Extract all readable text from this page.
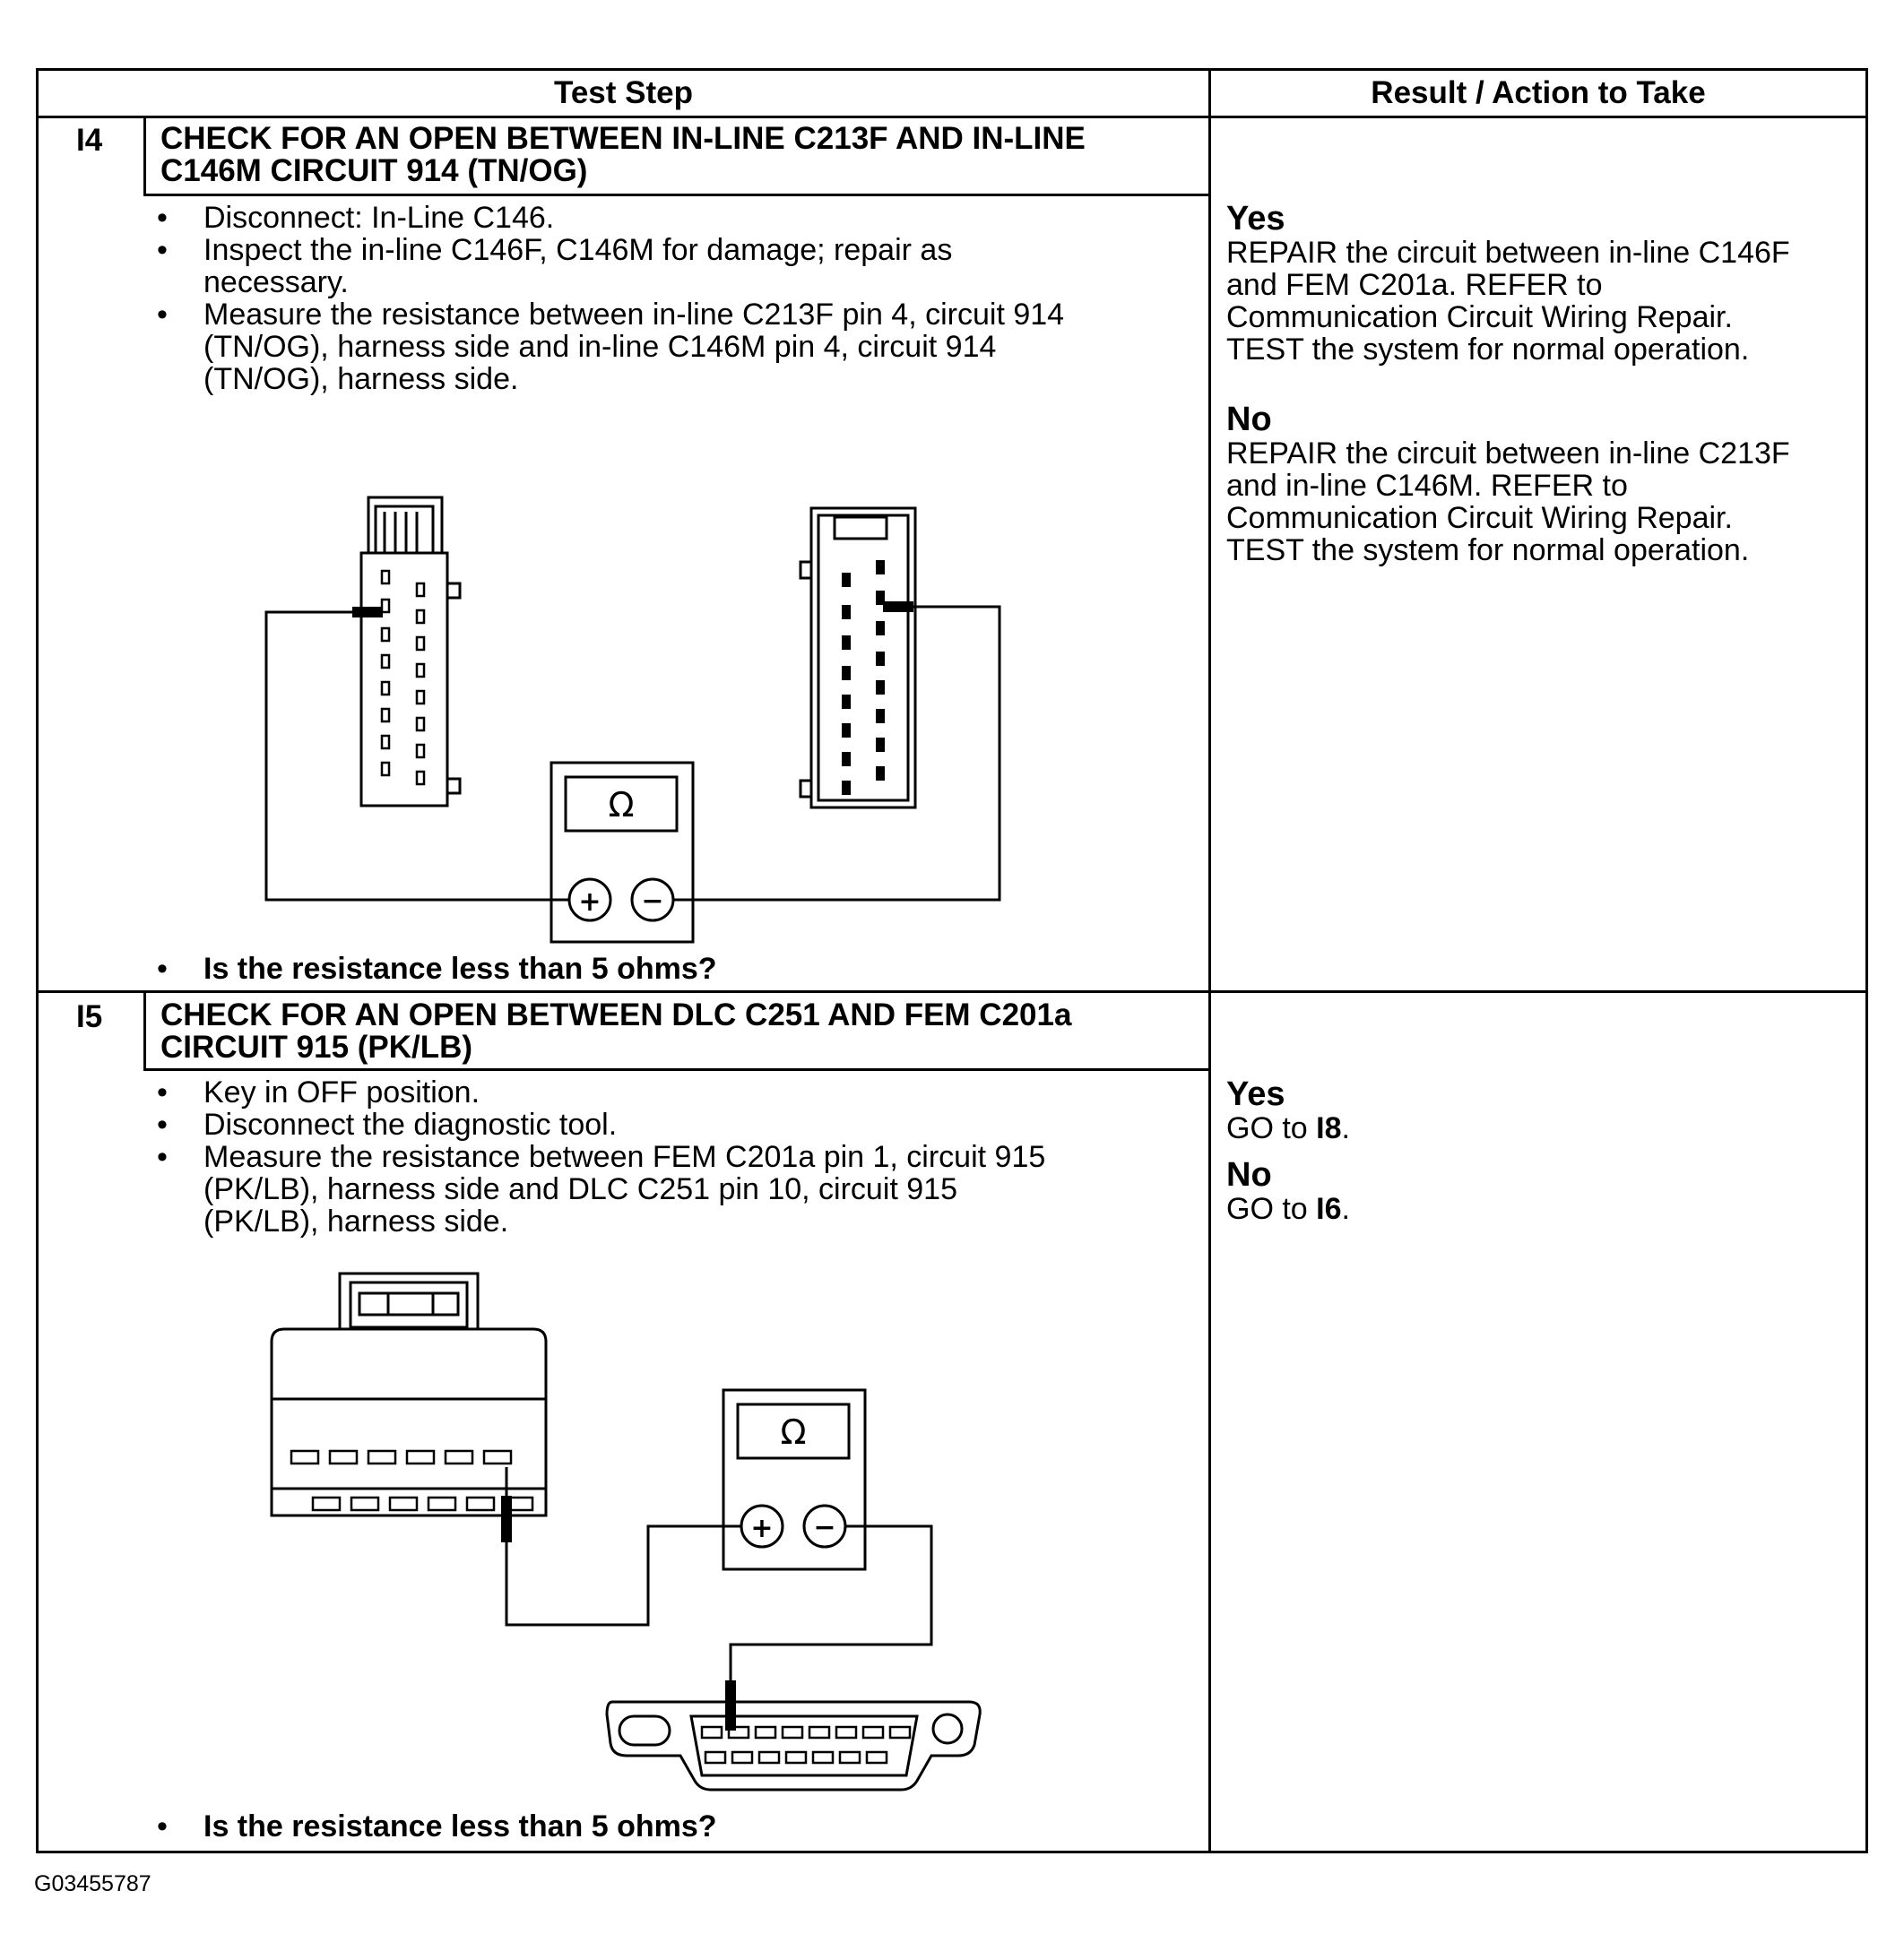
Test Step	Result / Action to Take
I4 CHECK FOR AN OPEN BETWEEN IN-LINE C213F AND IN-LINE
C146M CIRCUIT 914 (TN/OG)
• Disconnect: In-Line C146.
• Inspect the in-line C146F, C146M for damage; repair as
necessary.
• Measure the resistance between in-line C213F pin 4, circuit 914
(TN/OG), harness side and in-line C146M pin 4, circuit 914
(TN/OG), harness side.
Ω
+ −
• Is the resistance less than 5 ohms?
Yes
REPAIR the circuit between in-line C146F
and FEM C201a. REFER to
Communication Circuit Wiring Repair.
TEST the system for normal operation.
No
REPAIR the circuit between in-line C213F
and in-line C146M. REFER to
Communication Circuit Wiring Repair.
TEST the system for normal operation.
I5 CHECK FOR AN OPEN BETWEEN DLC C251 AND FEM C201a
CIRCUIT 915 (PK/LB)
• Key in OFF position.
• Disconnect the diagnostic tool.
• Measure the resistance between FEM C201a pin 1, circuit 915
(PK/LB), harness side and DLC C251 pin 10, circuit 915
(PK/LB), harness side.
Ω
+ −
• Is the resistance less than 5 ohms?
Yes
GO to I8.
No
GO to I6.
G03455787
